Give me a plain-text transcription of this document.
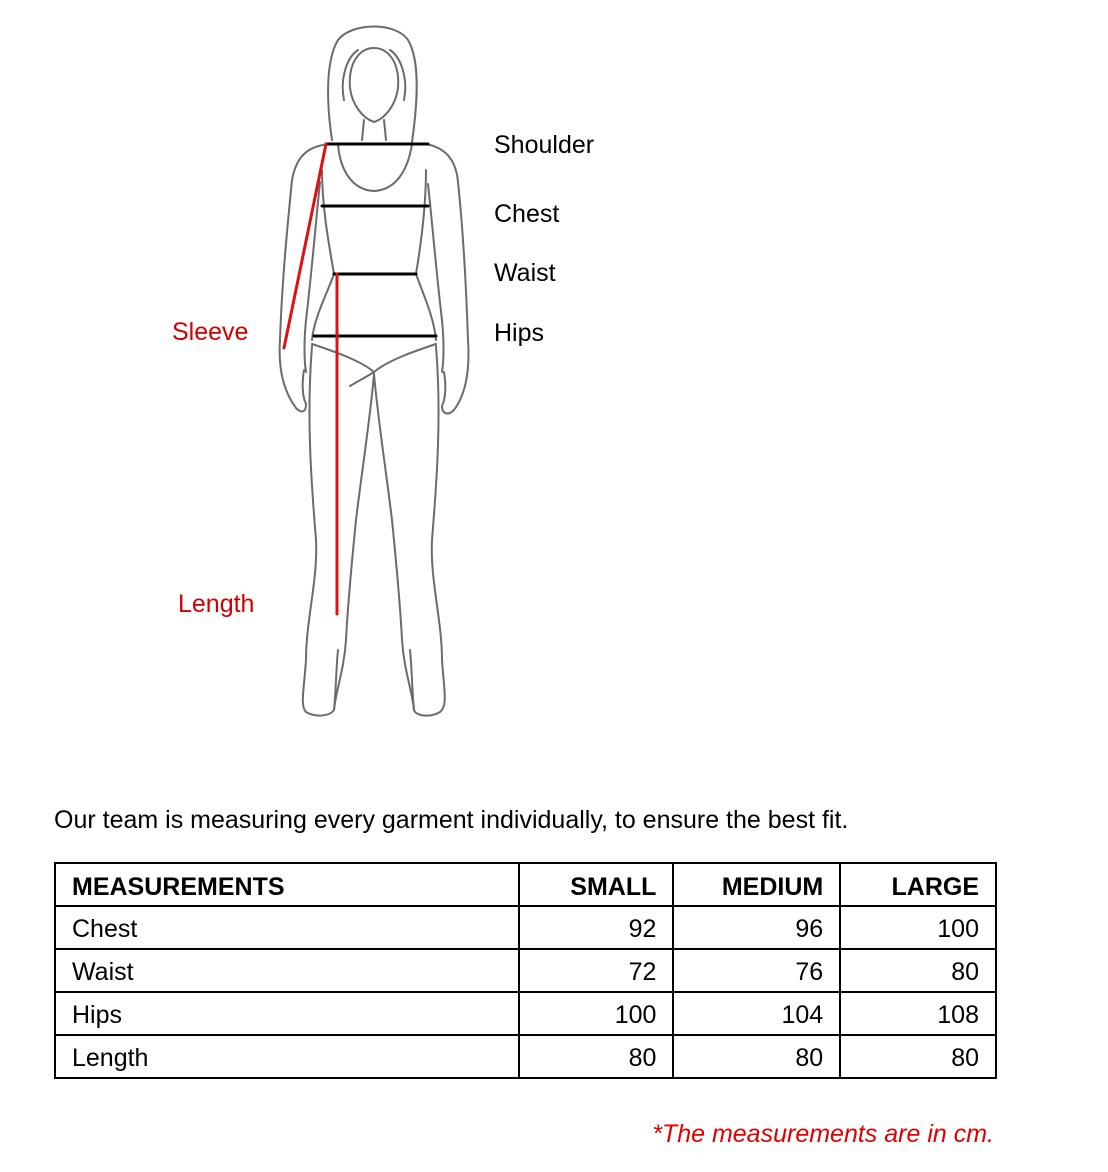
Shoulder
Chest
Waist
Hips
Sleeve
Length
Our team is measuring every garment individually, to ensure the best fit.
MEASUREMENTS	SMALL	MEDIUM	LARGE
Chest	92	96	100
Waist	72	76	80
Hips	100	104	108
Length	80	80	80
*The measurements are in cm.
